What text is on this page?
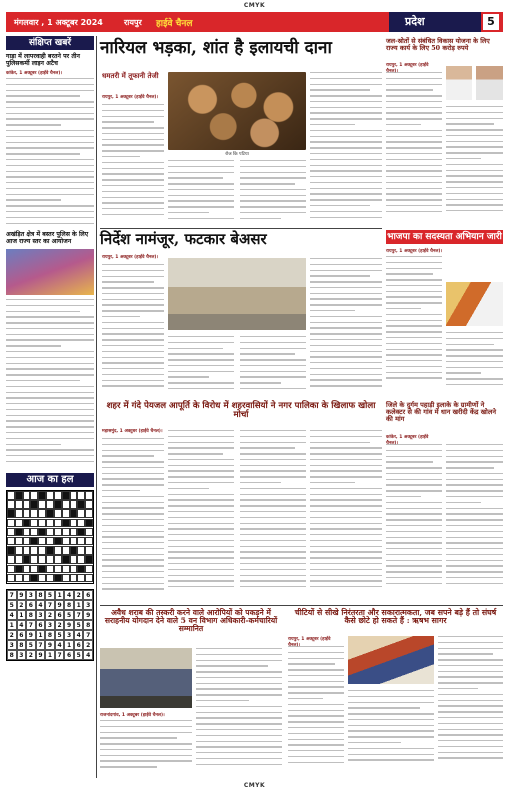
CMYK
CMYK
मंगलवार , 1 अक्टूबर 2024	रायपुर हाईवे चैनल	प्रदेश	5
संक्षिप्त खबरें
गाड़ा में लापरवाही बरतने पर तीन पुलिसकर्मी लाइन अटैच
कांकेर, 1 अक्टूबर (हाईवे चैनल)।
अखंड़ित क्षेत्र में बस्तर पुलिस के लिए आज राज्य स्तर का आयोजन
आज का हल
7 9 3 8 5 1 4 2 6
5 2 6 4 7 9 8 1 3
4 1 8 3 2 6 5 7 9
1 4 7 6 3 2 9 5 8
2 6 9 1 8 5 3 4 7
3 8 5 7 9 4 1 6 2
8 3 2 9 1 7 6 5 4
नारियल भड़का, शांत है इलायची दाना
धमतरी में तूफानी तेजी
रायपुर, 1 अक्टूबर (हाईवे चैनल)।
रोज कि पटिया
निर्देश नामंजूर, फटकार बेअसर
रायपुर, 1 अक्टूबर (हाईवे चैनल)।
शहर में गंदे पेयजल आपूर्ति के विरोध में शहरवासियों ने नगर पालिका के खिलाफ खोला मोर्चा
महासमुंद, 1 अक्टूबर (हाईवे चैनल)।
जल-स्रोतों से संबंधित विकास योजना के लिए राज्य कार्य के लिए 50 करोड़ रुपये
रायपुर, 1 अक्टूबर (हाईवे
भाजपा का सदस्यता अभियान जारी
रायपुर, 1 अक्टूबर (हाईवे चैनल)।
जिले के दुर्गम पहाड़ी इलाके के ग्रामीणों ने कलेक्टर से की गांव में धान खरीदी केंद्र खोलने की मांग
कांकेर, 1 अक्टूबर (हाईवे
अवैध शराब की तस्करी करने वाले आरोपियों को पकड़ने में सराहनीय योगदान देने वाले 5 वन विभाग अधिकारी-कर्मचारियों सम्मानित
राजनांदगांव, 1 अक्टूबर (हाईवे चैनल)।
चीटियों से सीखे निरंतरता और सकारात्मकता, जब सपने बड़े हैं तो संघर्ष कैसे छोटे हो सकते हैं : ऋषभ सागर
रायपुर, 1 अक्टूबर (हाईवे
